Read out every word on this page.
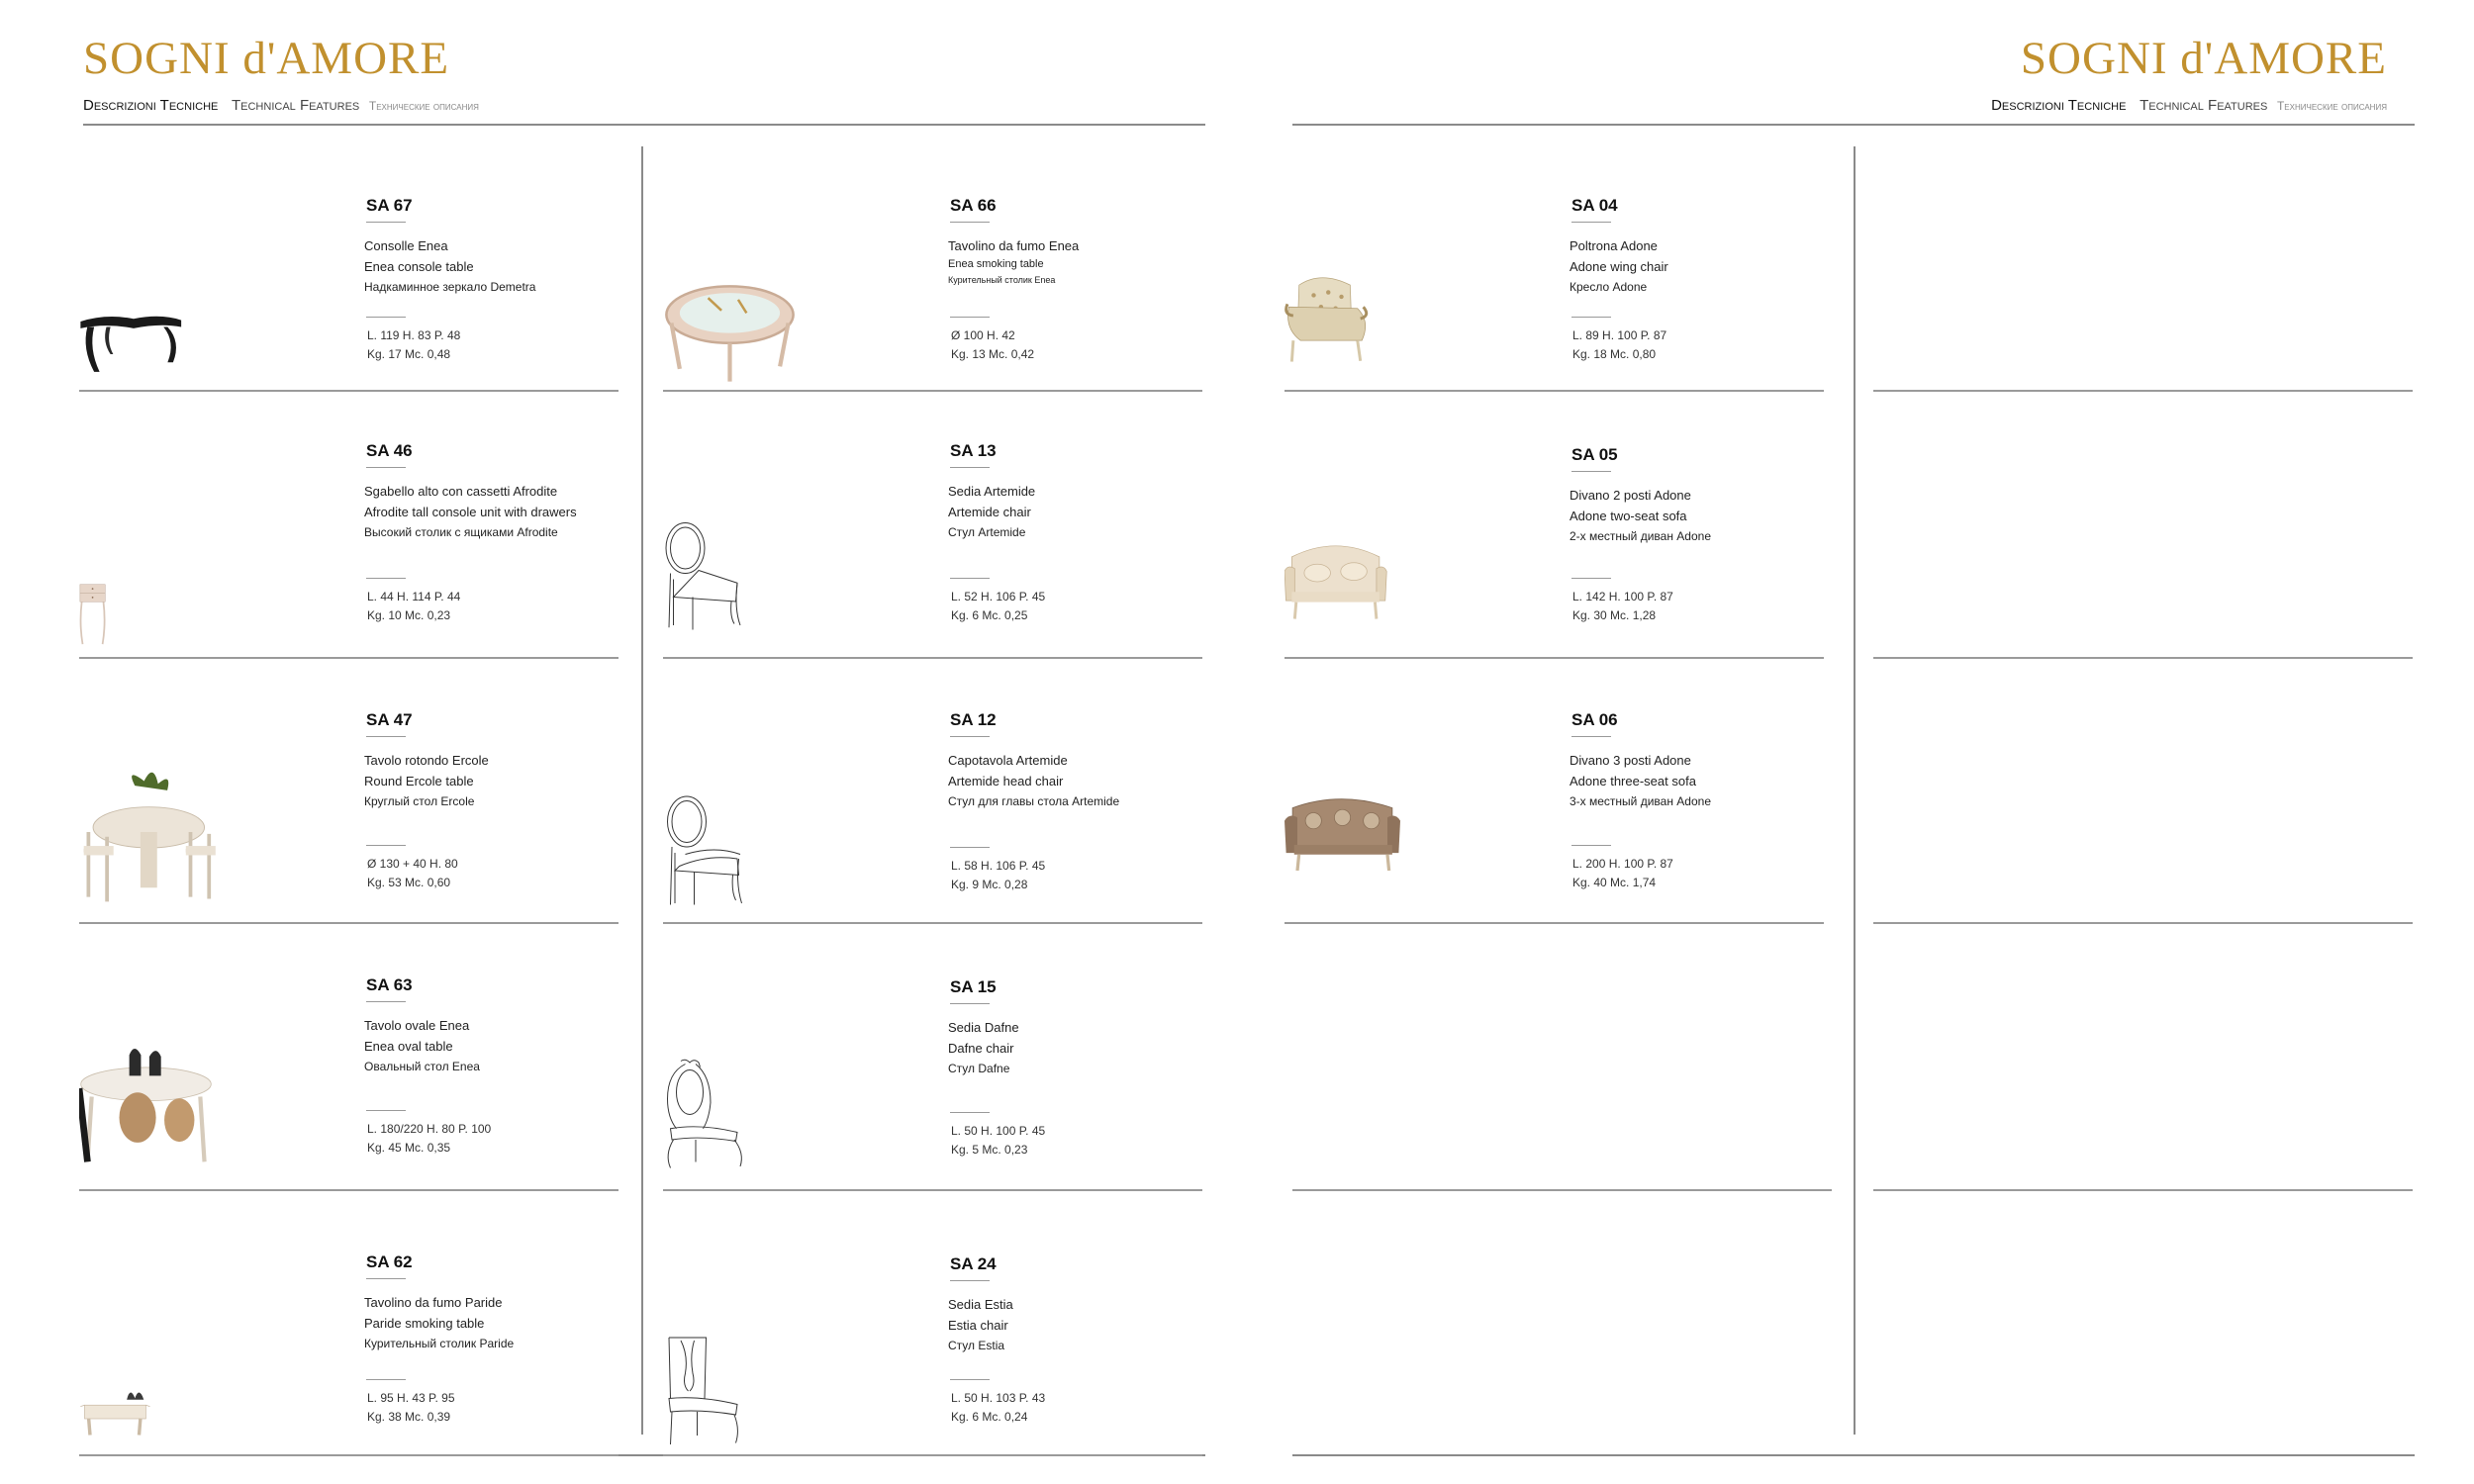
SOGNI d'AMORE
Descrizioni Tecniche Technical Features Технические описания
SOGNI d'AMORE
Descrizioni Tecniche Technical Features Технические описания
SA 67
Consolle Enea
Enea console table
Надкаминное зеркало Demetra
L. 119 H. 83 P. 48
Kg. 17 Mc. 0,48
SA 46
Sgabello alto con cassetti Afrodite
Afrodite tall console unit with drawers
Высокий столик с ящиками Afrodite
L. 44 H. 114 P. 44
Kg. 10 Mc. 0,23
SA 47
Tavolo rotondo Ercole
Round Ercole table
Круглый стол Ercole
Ø 130 + 40 H. 80
Kg. 53 Mc. 0,60
SA 63
Tavolo ovale Enea
Enea oval table
Овальный стол Enea
L. 180/220 H. 80 P. 100
Kg. 45 Mc. 0,35
SA 62
Tavolino da fumo Paride
Paride smoking table
Курительный столик Paride
L. 95 H. 43 P. 95
Kg. 38 Mc. 0,39
SA 66
Tavolino da fumo Enea
Enea smoking table
Курительный столик Enea
Ø 100 H. 42
Kg. 13 Mc. 0,42
SA 13
Sedia Artemide
Artemide chair
Стул Artemide
L. 52 H. 106 P. 45
Kg. 6 Mc. 0,25
SA 12
Capotavola Artemide
Artemide head chair
Стул для главы стола Artemide
L. 58 H. 106 P. 45
Kg. 9 Mc. 0,28
SA 15
Sedia Dafne
Dafne chair
Стул Dafne
L. 50 H. 100 P. 45
Kg. 5 Mc. 0,23
SA 24
Sedia Estia
Estia chair
Стул Estia
L. 50 H. 103 P. 43
Kg. 6 Mc. 0,24
SA 04
Poltrona Adone
Adone wing chair
Кресло Adone
L. 89 H. 100 P. 87
Kg. 18 Mc. 0,80
SA 05
Divano 2 posti Adone
Adone two-seat sofa
2-х местный диван Adone
L. 142 H. 100 P. 87
Kg. 30 Mc. 1,28
SA 06
Divano 3 posti Adone
Adone three-seat sofa
3-х местный диван Adone
L. 200 H. 100 P. 87
Kg. 40 Mc. 1,74
